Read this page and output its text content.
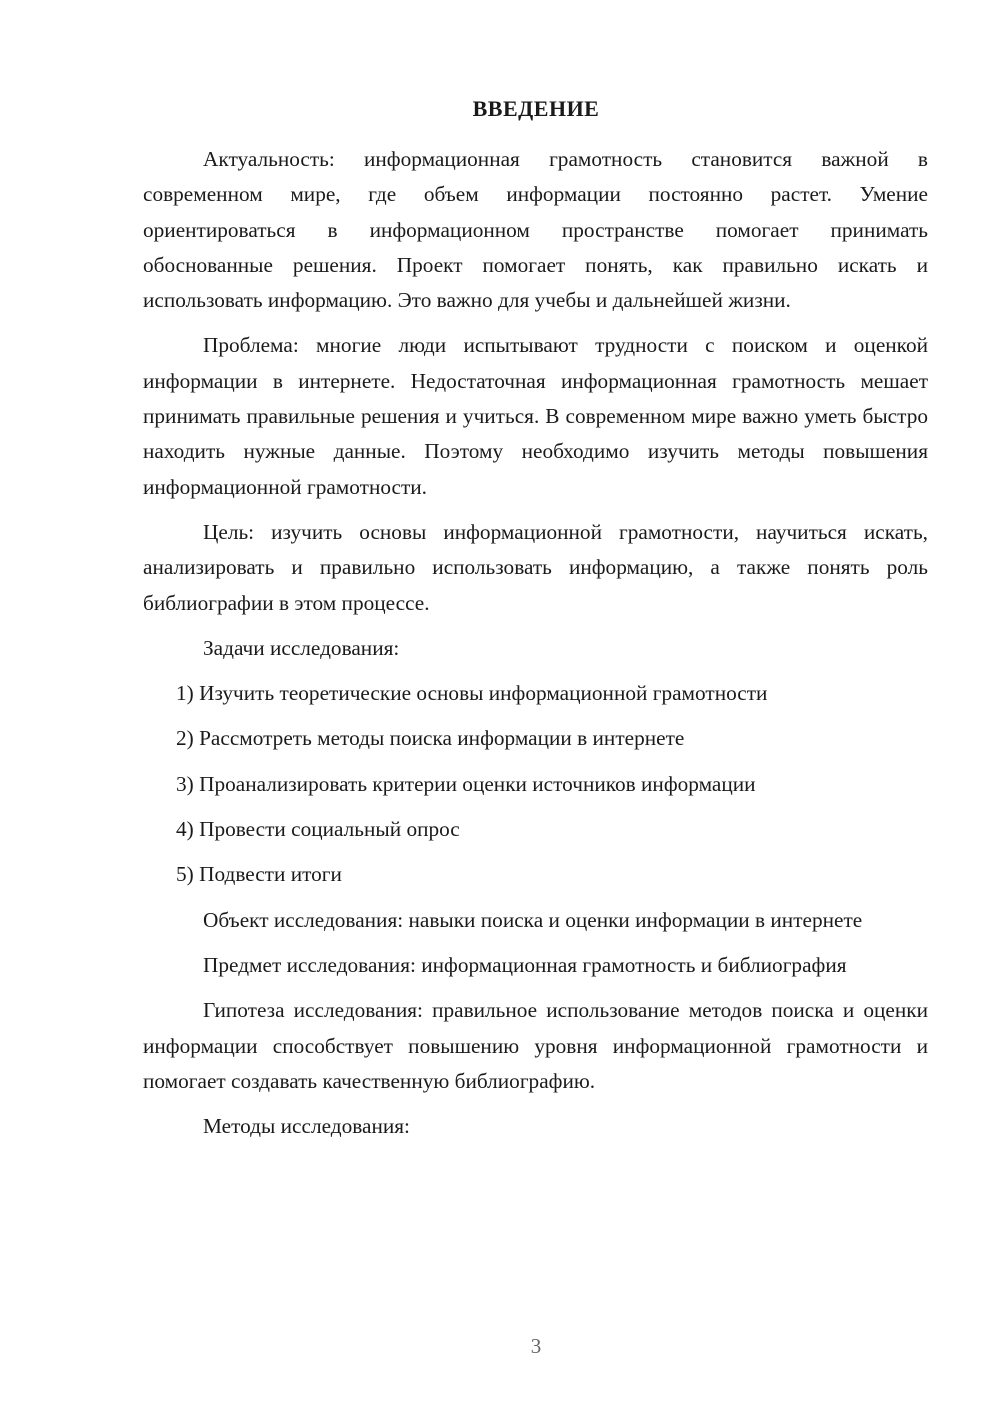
ВВЕДЕНИЕ

Актуальность: информационная грамотность становится важной в современном мире, где объем информации постоянно растет. Умение ориентироваться в информационном пространстве помогает принимать обоснованные решения. Проект помогает понять, как правильно искать и использовать информацию. Это важно для учебы и дальнейшей жизни.

Проблема: многие люди испытывают трудности с поиском и оценкой информации в интернете. Недостаточная информационная грамотность мешает принимать правильные решения и учиться. В современном мире важно уметь быстро находить нужные данные. Поэтому необходимо изучить методы повышения информационной грамотности.

Цель: изучить основы информационной грамотности, научиться искать, анализировать и правильно использовать информацию, а также понять роль библиографии в этом процессе.

Задачи исследования:
1) Изучить теоретические основы информационной грамотности
2) Рассмотреть методы поиска информации в интернете
3) Проанализировать критерии оценки источников информации
4) Провести социальный опрос
5) Подвести итоги

Объект исследования: навыки поиска и оценки информации в интернете

Предмет исследования: информационная грамотность и библиография

Гипотеза исследования: правильное использование методов поиска и оценки информации способствует повышению уровня информационной грамотности и помогает создавать качественную библиографию.

Методы исследования:
3
